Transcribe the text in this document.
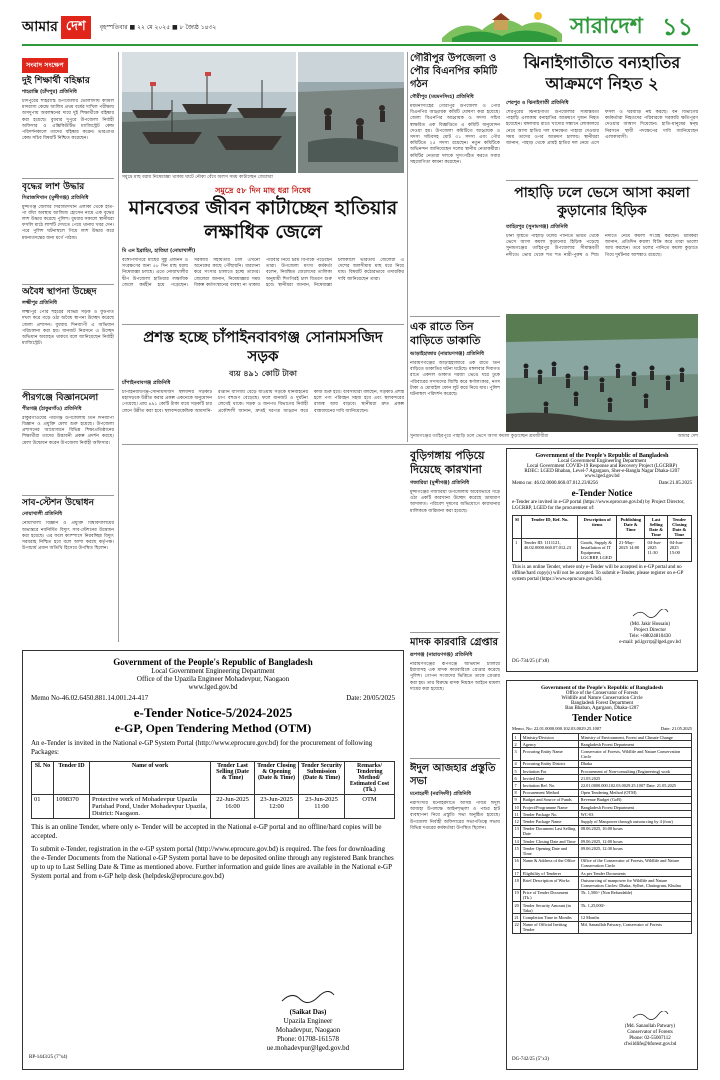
আমার দেশ	বৃহস্পতিবার ■ ২২ মে ২০২৫ ■ ৮ জ্যৈষ্ঠ ১৪৩২	সারাদেশ ১১
সংবাদ সংক্ষেপ
দুই শিক্ষার্থী বহিষ্কার
শাহরাস্তি (চাঁদপুর) প্রতিনিধি
চাঁদপুরের শাহরাস্তি উপজেলার ভোলাদিঘি কামিল মাদরাসা কেন্দ্রে আলিম প্রথম বর্ষের দাখিল পরীক্ষায় অসদুপায় অবলম্বনের দায়ে দুই শিক্ষার্থীকে বহিষ্কার করা হয়েছে। বুধবার দুপুরে উপজেলা নির্বাহী অফিসার ও এক্সিকিউটিভ ম্যাজিস্ট্রেট কেন্দ্র পরিদর্শনকালে তাদের বহিষ্কার করেন। ভারপ্রাপ্ত কেন্দ্র সচিব বিষয়টি নিশ্চিত করেছেন।
বৃদ্ধের লাশ উদ্ধার
সিরাজদিখান (মুন্সীগঞ্জ) প্রতিনিধি
মুন্সীগঞ্জ জেলার সিরাজদিখান এলাকা থেকে হাত-পা বাঁধা অবস্থায় আজিজ হোসেন নামে এক বৃদ্ধের লাশ উদ্ধার করেছে পুলিশ। বুধবার সকালে স্থানীয়রা ফসলি মাঠে লাশটি দেখতে পেয়ে থানায় খবর দেন। পরে পুলিশ ঘটনাস্থলে গিয়ে লাশ উদ্ধার করে ময়নাতদন্তের জন্য মর্গে পাঠায়।
অবৈধ স্থাপনা উচ্ছেদ
লক্ষ্মীপুর প্রতিনিধি
লক্ষ্মীপুর পৌর শহরের বিভিন্ন সড়ক ও ফুটপাত দখল করে গড়ে ওঠা অবৈধ স্থাপনা উচ্ছেদ করেছে জেলা প্রশাসন। বুধবার দিনব্যাপী এ অভিযান পরিচালনা করা হয়। যানজট নিরসনে এ উচ্ছেদ অভিযান অব্যাহত থাকবে বলে জানিয়েছেন নির্বাহী ম্যাজিস্ট্রেট।
পীরগঞ্জে বিজ্ঞানমেলা
পীরগঞ্জ (ঠাকুরগাঁও) প্রতিনিধি
ঠাকুরগাঁওয়ের পীরগঞ্জ উপজেলায় তিন দিনব্যাপী বিজ্ঞান ও প্রযুক্তি মেলা শুরু হয়েছে। উপজেলা প্রশাসনের আয়োজনে বিভিন্ন শিক্ষাপ্রতিষ্ঠানের শিক্ষার্থীরা তাদের উদ্ভাবনী প্রকল্প প্রদর্শন করছে। মেলা উদ্বোধন করেন উপজেলা নির্বাহী অফিসার।
সাব-স্টেশন উদ্বোধন
নোয়াখালী প্রতিনিধি
নোয়াখালী বিজ্ঞান ও প্রযুক্তি বিশ্ববিদ্যালয়ের অভ্যন্তরে নবনির্মিত বিদ্যুৎ সাব-স্টেশনের উদ্বোধন করা হয়েছে। এর ফলে ক্যাম্পাসে নিরবচ্ছিন্ন বিদ্যুৎ সরবরাহ নিশ্চিত হবে বলে আশা করছে কর্তৃপক্ষ। উপাচার্য প্রধান অতিথি হিসেবে উপস্থিত ছিলেন।
সমুদ্রে মাছ ধরায় নিষেধাজ্ঞা থাকায় ঘাটে নৌকা বেঁধে অলস সময় কাটাচ্ছেন জেলেরা
সমুদ্রে ৫৮ দিন মাছ ধরা নিষেধ
মানবেতর জীবন কাটাচ্ছেন হাতিয়ার লক্ষাধিক জেলে
মি এন ইব্রাহিম, হাতিয়া (নোয়াখালী)
বঙ্গোপসাগরে মাছের সুষ্ঠু প্রজনন ও সংরক্ষণের জন্য ৫৮ দিন মাছ ধরায় নিষেধাজ্ঞা চলছে। এতে নোয়াখালীর দ্বীপ উপজেলা হাতিয়ার লক্ষাধিক জেলে কর্মহীন হয়ে পড়েছেন। সরকারি সহায়তার চাল এখনো অনেকের কাছে পৌঁছায়নি। ধারদেনা করে সংসার চালাতে হচ্ছে তাদের। জেলেরা জানান, নিষেধাজ্ঞার সময় বিকল্প কর্মসংস্থানের ব্যবস্থা না থাকায় পরিবার নিয়ে চরম বিপাকে পড়েছেন তারা। উপজেলা মৎস্য কর্মকর্তা বলেন, নিবন্ধিত জেলেদের তালিকা অনুযায়ী শিগগিরই চাল বিতরণ শুরু হবে। স্থানীয়রা জানান, নিষেধাজ্ঞা চলাকালে ভারতীয় জেলেরা এ দেশের জলসীমায় মাছ ধরে নিয়ে যায়। বিষয়টি কঠোরভাবে তদারকির দাবি জানিয়েছেন তারা।
প্রশস্ত হচ্ছে চাঁপাইনবাবগঞ্জ সোনামসজিদ সড়ক
ব্যয় ৪৯১ কোটি টাকা
চাঁপাইনবাবগঞ্জ প্রতিনিধি
চাঁপাইনবাবগঞ্জ-সোনামসজিদ স্থলবন্দর সড়কটি মহাসড়কে উন্নীত করার প্রকল্প একনেকে অনুমোদন পেয়েছে। প্রায় ৪৯১ কোটি টাকা ব্যয়ে সড়কটি চার লেনে উন্নীত করা হবে। স্থলবন্দরকেন্দ্রিক আমদানি-রপ্তানি বাণিজ্য বেড়ে যাওয়ায় সড়কে যানবাহনের চাপ বহুগুণ বেড়েছে। ফলে যানজট ও দুর্ঘটনা লেগেই থাকে। সড়ক ও জনপথ বিভাগের নির্বাহী প্রকৌশলী জানান, দ্রুতই দরপত্র আহ্বান করে কাজ শুরু হবে। ব্যবসায়ীরা বলছেন, সড়কটি প্রশস্ত হলে পণ্য পরিবহন সহজ হবে এবং স্থলবন্দরের রাজস্ব আয় বাড়বে। স্থানীয়রা দ্রুত প্রকল্প বাস্তবায়নের দাবি জানিয়েছেন।
গৌরীপুর উপজেলা ও পৌর বিএনপির কমিটি গঠন
গৌরীপুর (ময়মনসিংহ) প্রতিনিধি
ময়মনসিংহের গৌরীপুর উপজেলা ও পৌর বিএনপির আহ্বায়ক কমিটি ঘোষণা করা হয়েছে। জেলা বিএনপির আহ্বায়ক ও সদস্য সচিব স্বাক্ষরিত এক বিজ্ঞপ্তিতে এ কমিটি অনুমোদন দেওয়া হয়। উপজেলা কমিটিতে আহ্বায়ক ও সদস্য সচিবসহ মোট ৩১ সদস্য এবং পৌর কমিটিতে ২৫ সদস্য রয়েছেন। নতুন কমিটিকে অভিনন্দন জানিয়েছেন দলের স্থানীয় নেতাকর্মীরা। কমিটির নেতারা দলকে সুসংগঠিত করতে সবার সহযোগিতা কামনা করেছেন।
এক রাতে তিন বাড়িতে ডাকাতি
আড়াইহাজার (নারায়ণগঞ্জ) প্রতিনিধি
নারায়ণগঞ্জের আড়াইহাজারে এক রাতে তিন বাড়িতে ডাকাতির ঘটনা ঘটেছে। মঙ্গলবার দিবাগত রাতে একদল ডাকাত দরজা ভেঙে ঘরে ঢুকে পরিবারের সদস্যদের জিম্মি করে স্বর্ণালংকার, নগদ টাকা ও মোবাইল ফোন লুট করে নিয়ে যায়। পুলিশ ঘটনাস্থল পরিদর্শন করেছে।
ঝিনাইগাতীতে বন্যহাতির আক্রমণে নিহত ২
শেরপুর ও ঝিনাইগাতী প্রতিনিধি
শেরপুরের ঝিনাইগাতী উপজেলার সীমান্তবর্তী পাহাড়ি এলাকায় বন্যহাতির আক্রমণে দুজন নিহত হয়েছেন। মঙ্গলবার রাতে খাদ্যের সন্ধানে লোকালয়ে নেমে আসা হাতির দল ধানক্ষেত পাহারা দেওয়ার সময় তাদের ওপর আক্রমণ চালায়। স্থানীয়রা জানান, পাহাড় থেকে প্রায়ই হাতির দল নেমে এসে ফসল ও ঘরবাড়ি নষ্ট করছে। বন বিভাগের কর্মকর্তারা নিহতদের পরিবারকে সরকারি ক্ষতিপূরণ দেওয়ার আশ্বাস দিয়েছেন। হাতি-মানুষের দ্বন্দ্ব নিরসনে স্থায়ী পদক্ষেপের দাবি জানিয়েছেন এলাকাবাসী।
পাহাড়ি ঢলে ভেসে আসা কয়লা কুড়ানোর হিড়িক
তাহিরপুর (সুনামগঞ্জ) প্রতিনিধি
টানা বৃষ্টিতে পাহাড়ি ঢলের পানিতে ভারত থেকে ভেসে আসা কয়লা কুড়ানোর হিড়িক পড়েছে সুনামগঞ্জের তাহিরপুর উপজেলার সীমান্তবর্তী নদীতে। ভোর থেকে শত শত নারী-পুরুষ ও শিশু নদীতে নেমে কয়লা সংগ্রহ করছেন। শ্রমিকরা জানান, প্রতিদিন কয়লা বিক্রি করে তারা ভালো আয় করছেন। তবে ঢলের পানিতে কয়লা কুড়াতে গিয়ে দুর্ঘটনার আশঙ্কাও রয়েছে।
সুনামগঞ্জের তাহিরপুরে পাহাড়ি ঢলে ভেসে আসা কয়লা কুড়াচ্ছেন শ্রমজীবীরা	আমার দেশ
বুড়িগঙ্গায় পড়িয়ে দিয়েছে কারখানা
গজারিয়া (মুন্সীগঞ্জ) প্রতিনিধি
মুন্সীগঞ্জের গজারিয়া উপজেলায় অবৈধভাবে গড়ে ওঠা একটি কারখানা উচ্ছেদ করেছে ভ্রাম্যমাণ আদালত। পরিবেশ দূষণের অভিযোগে কারখানার মালিককে জরিমানা করা হয়েছে।
মাদক কারবারি গ্রেপ্তার
রূপগঞ্জ (নারায়ণগঞ্জ) প্রতিনিধি
নারায়ণগঞ্জের রূপগঞ্জে অভিযান চালিয়ে ইয়াবাসহ এক মাদক কারবারিকে গ্রেপ্তার করেছে পুলিশ। গোপন সংবাদের ভিত্তিতে তাকে গ্রেপ্তার করা হয়। তার বিরুদ্ধে মাদক নিয়ন্ত্রণ আইনে মামলা দায়ের করা হয়েছে।
ঈদুল আজহার প্রস্তুতি সভা
মনোহরদী (নরসিংদী) প্রতিনিধি
নরসিংদীর মনোহরদীতে আসন্ন পবিত্র ঈদুল আজহা উপলক্ষে আইনশৃঙ্খলা ও পশুর হাট ব্যবস্থাপনা নিয়ে প্রস্তুতি সভা অনুষ্ঠিত হয়েছে। উপজেলা নির্বাহী অফিসারের সভাপতিত্বে সভায় বিভিন্ন দপ্তরের কর্মকর্তারা উপস্থিত ছিলেন।
Government of the People's Republic of Bangladesh
Local Government Engineering Department
Office of the Upazila Engineer Mohadevpur, Naogaon
www.lged.gov.bd
Memo No-46.02.6450.881.14.001.24-417	Date: 20/05/2025
e-Tender Notice-5/2024-2025
e-GP, Open Tendering Method (OTM)
An e-Tender is invited in the National e-GP System Portal (http://www.eprocure.gov.bd) for the procurement of following Packages:
Sl. No	Tender ID	Name of work	Tender Last Selling (Date & Time)	Tender Closing & Opening (Date & Time)	Tender Security Submission (Date & Time)	Remarks/ Tendering Method/ Estimated Cost (Tk.)
01	1098370	Protective work of Mohadevpur Upazila Parishad Pond, Under Mohadevpur Upazila, District: Naogaon.	22-Jun-2025 16:00	23-Jun-2025 12:00	23-Jun-2025 11:00	OTM
This is an online Tender, where only e- Tender will be accepted in the National e-GP portal and no offline/hard copies will be accepted.
To submit e-Tender, registration in the e-GP system portal (http://www.eprocure.gov.bd) is required. The fees for downloading the e-Tender Documents from the National e-GP System portal have to be deposited online through any registered Bank branches up to up to Last Selling Date & Time as mentioned above. Further information and guide lines are available in the National e-GP System portal and from e-GP help desk (helpdesk@eprocure.gov.bd)
(Saikat Das)
Upazila Engineer
Mohadevpur, Naogaon
Phone: 01708-161578
ue.mohadevpur@lged.gov.bd
RP-1443/25 (7"x4)
Government of the People's Republic of Bangladesh
Local Government Engineering Department
Local Government COVID-19 Response and Recovery Project (LGCRRP)
RDEC: LGED Bhaban, Level-7 Agargaon, Sher-e-Bangla Nagar Dhaka-1207
www.lged.gov.bd
Memo no: 46.02.0000.660.07.012.23/8256	Date:21.05.2025
e-Tender Notice
e-Tender are invited in e-GP portal (https://www.eprocure.gov.bd) by Project Director, LGCRRP, LGED for the procurement of:
Sl	Tender ID, Ref. No.	Description of items	Publishing Date & Time	Last Selling Date & Time	Tender Closing Date & Time
1	Tender ID: 1111121, 46.02.0000.660.07.012.23	Goods, Supply & Installation of IT Equipment, LGCRRP, LGED	21-May-2025 14:00	04-Jun-2025 11:30	04-Jun-2025 15:00
This is an online Tender, where only e-Tender will be accepted in e-GP portal and no offline/hard copy(s) will not be accepted. To submit e-Tender, please register on e-GP system portal (https://www.eprocure.gov.bd).
(Md. Jakir Hossain)
Project Director
Tele: +88024810430
e-mail: pd.lgcrrp@lged.gov.bd
DG-734/25 (4"x8)
Government of the People's Republic of Bangladesh
Office of the Conservator of Forests
Wildlife and Nature Conservation Circle
Bangladesh Forest Department
Ban Bhaban, Agargaon, Dhaka-1207
Tender Notice
Memo. No: 22.01.0000.000.102.03.0029.25.1007	Date: 21.05.2025
1	Ministry/Division	Ministry of Environment, Forest and Climate Change
2	Agency	Bangladesh Forest Department
3	Procuring Entity Name	Conservator of Forests, Wildlife and Nature Conservation Circle
4	Procuring Entity District	Dhaka
5	Invitation For	Procurement of Non-consulting (Engineering) work
6	Invited Date	21.05.2025
7	Invitation Ref. No.	22.01.0000.000.102.03.0029.25.1007 Date: 21.05.2025
8	Procurement Method	Open Tendering Method (OTM)
9	Budget and Source of Funds	Revenue Budget (GoB)
10	Project/Programme Name	Bangladesh Forest Department
11	Tender Package No.	WC-03
12	Tender Package Name	Supply of Manpower through outsourcing by 4 (four)
13	Tender Document Last Selling Date	08.06.2025, 16:00 hours
14	Tender Closing Date and Time	09.06.2025, 12:00 hours
15	Tender Opening Date and Time	09.06.2025, 12:30 hours
16	Name & Address of the Office	Office of the Conservator of Forests, Wildlife and Nature Conservation Circle
17	Eligibility of Tenderer	As per Tender Documents
18	Brief Description of Works	Outsourcing of manpower for Wildlife and Nature Conservation Circles: Dhaka, Sylhet, Chattogram, Khulna
19	Price of Tender Document (Tk.)	Tk. 1,500/- (Non Refundable)
20	Tender Security Amount (in Taka)	Tk. 1,25,000/-
21	Completion Time in Months	12 Months
22	Name of Official Inviting Tender	Md. Sanaullah Patwary, Conservator of Forests
(Md. Sanaullah Patwary)
Conservator of Forests
Phone: 02-55007112
cfwildlife@bforest.gov.bd
DG-742/25 (5"x3)
